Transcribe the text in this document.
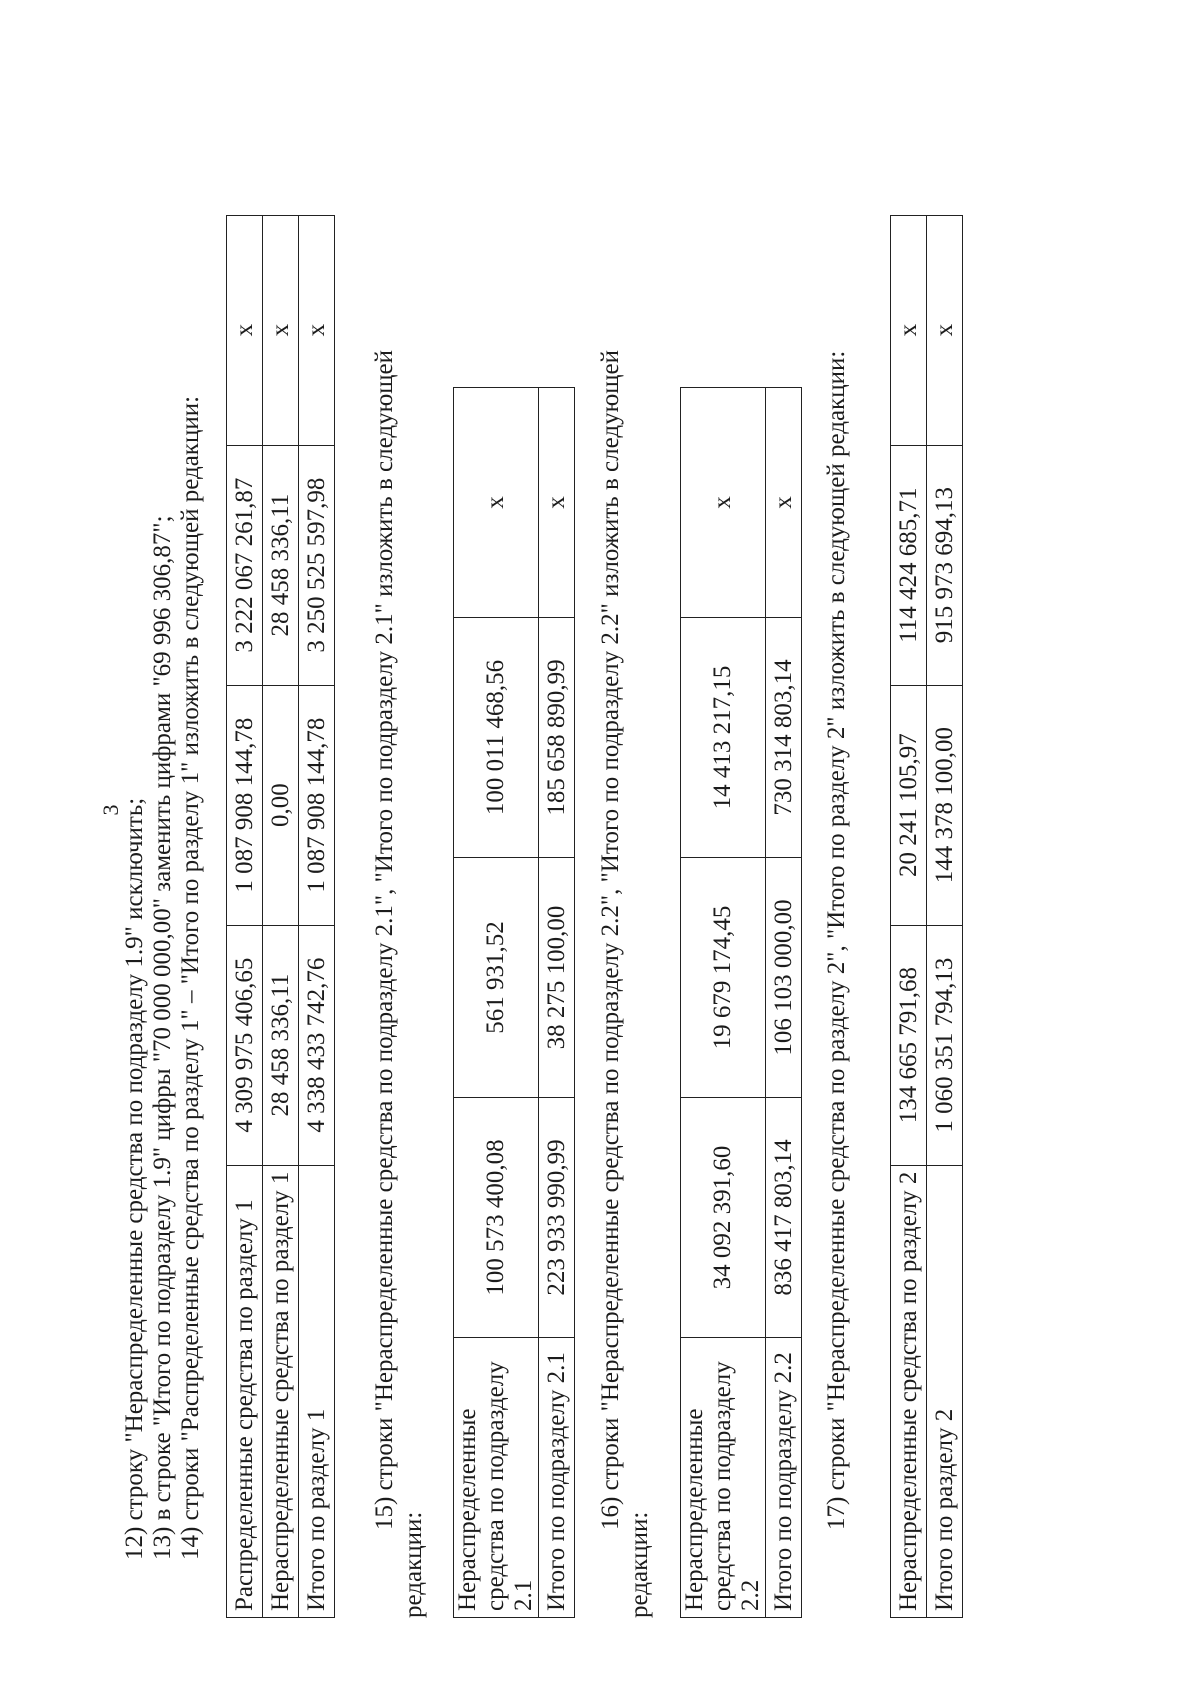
3
12) строку "Нераспределенные средства по подразделу 1.9" исключить; 13) в строке "Итого по подразделу 1.9" цифры "70 000 000,00" заменить цифрами "69 996 306,87"; 14) строки "Распределенные средства по разделу 1" – "Итого по разделу 1" изложить в следующей редакции: Распределенные средства по разделу 1	4 309 975 406,65	1 087 908 144,78	3 222 067 261,87	x
Нераспределенные средства по разделу 1	28 458 336,11	0,00	28 458 336,11	x
Итого по разделу 1	4 338 433 742,76	1 087 908 144,78	3 250 525 597,98	x
15) строки "Нераспределенные средства по подразделу 2.1", "Итого по подразделу 2.1" изложить в следующей
редакции: Нераспределенные средства по подразделу 2.1	100 573 400,08	561 931,52	100 011 468,56	x
Итого по подразделу 2.1	223 933 990,99	38 275 100,00	185 658 890,99	x 16) строки "Нераспределенные средства по подразделу 2.2", "Итого по подразделу 2.2" изложить в следующей
редакции: Нераспределенные средства по подразделу 2.2	34 092 391,60	19 679 174,45	14 413 217,15	x
Итого по подразделу 2.2	836 417 803,14	106 103 000,00	730 314 803,14	x 17) строки "Нераспределенные средства по разделу 2", "Итого по разделу 2" изложить в следующей редакции: Нераспределенные средства по разделу 2	134 665 791,68	20 241 105,97	114 424 685,71	x
Итого по разделу 2	1 060 351 794,13	144 378 100,00	915 973 694,13	x
